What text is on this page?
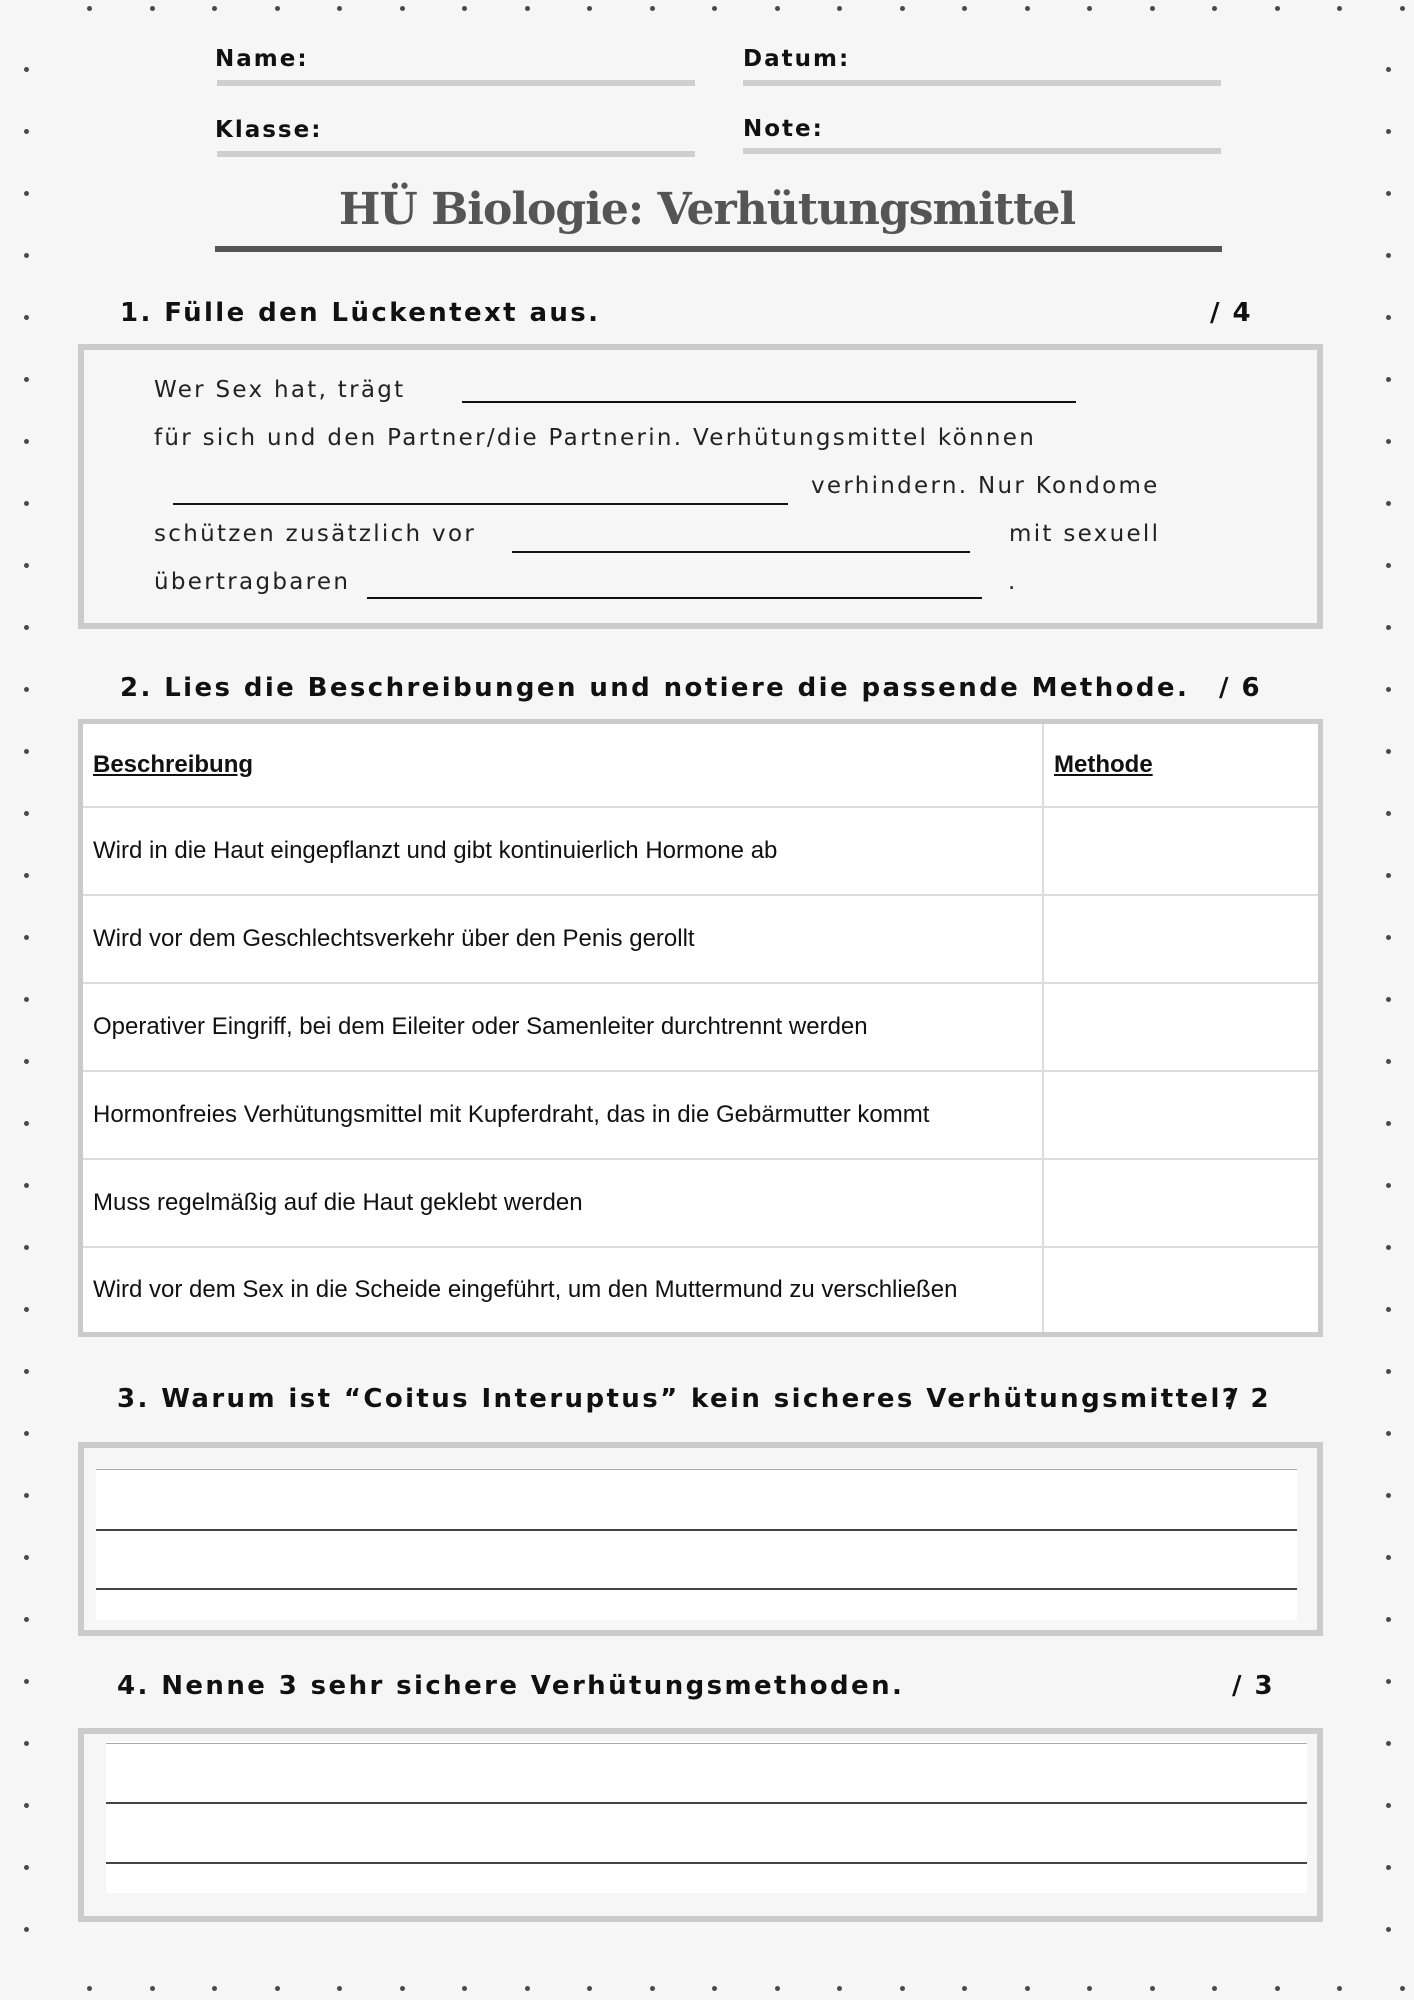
Name:	Datum:
Klasse:	Note:
HÜ Biologie: Verhütungsmittel
1. Fülle den Lückentext aus.	/ 4
Wer Sex hat, trägt
für sich und den Partner/die Partnerin. Verhütungsmittel können
verhindern. Nur Kondome
schützen zusätzlich vor	mit sexuell
übertragbaren	.
2. Lies die Beschreibungen und notiere die passende Methode. / 6
Beschreibung	Methode
Wird in die Haut eingepflanzt und gibt kontinuierlich Hormone ab	
Wird vor dem Geschlechtsverkehr über den Penis gerollt	
Operativer Eingriff, bei dem Eileiter oder Samenleiter durchtrennt werden	
Hormonfreies Verhütungsmittel mit Kupferdraht, das in die Gebärmutter kommt	
Muss regelmäßig auf die Haut geklebt werden	
Wird vor dem Sex in die Scheide eingeführt, um den Muttermund zu verschließen	
3. Warum ist “Coitus Interuptus” kein sicheres Verhütungsmittel?
/ 2
4. Nenne 3 sehr sichere Verhütungsmethoden.	/ 3
